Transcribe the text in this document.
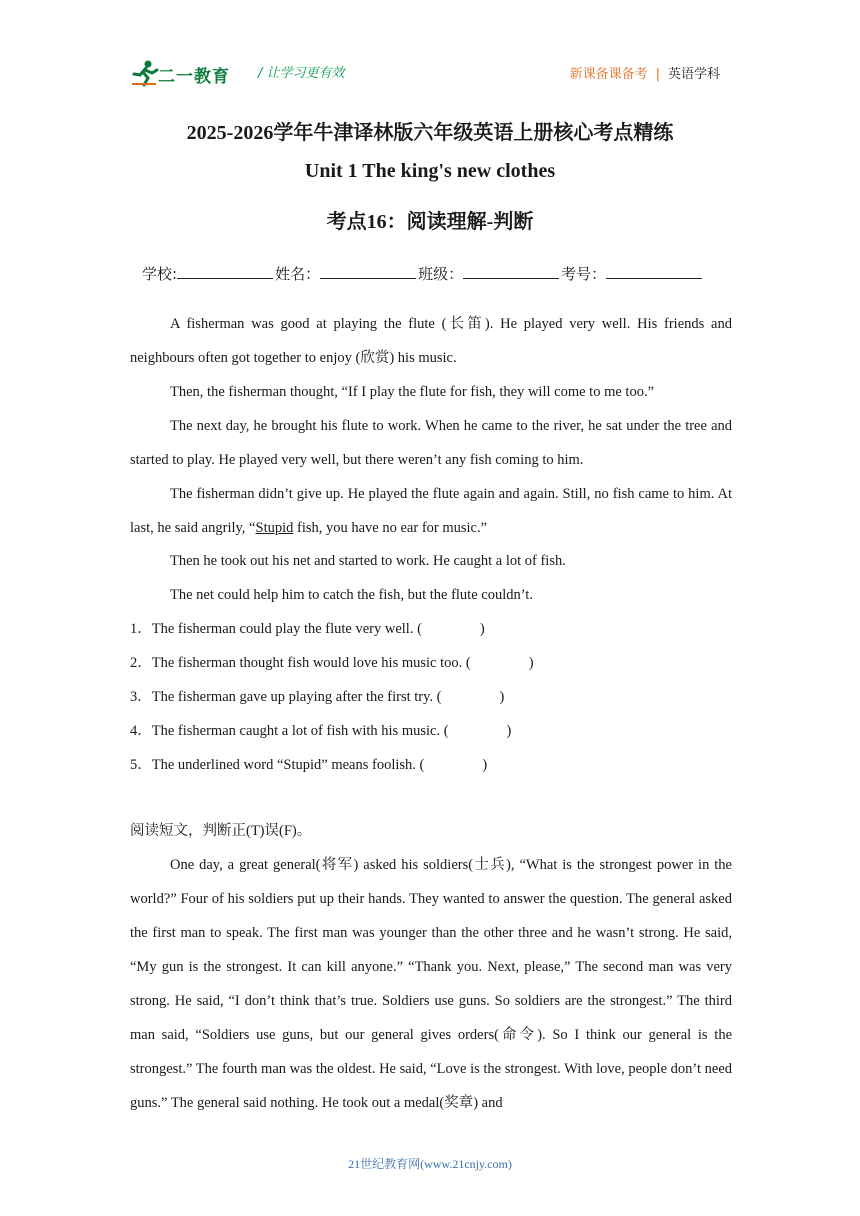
二一教育 / 让学习更有效	新课备课备考 | 英语学科
2025-2026学年牛津译林版六年级英语上册核心考点精练
Unit 1 The king's new clothes
考点16：阅读理解-判断
学校:	姓名：	班级：	考号：

A fisherman was good at playing the flute (长笛). He played very well. His friends and neighbours often got together to enjoy (欣赏) his music.

Then, the fisherman thought, “If I play the flute for fish, they will come to me too.”

The next day, he brought his flute to work. When he came to the river, he sat under the tree and started to play. He played very well, but there weren’t any fish coming to him.

The fisherman didn’t give up. He played the flute again and again. Still, no fish came to him. At last, he said angrily, “Stupid fish, you have no ear for music.”

Then he took out his net and started to work. He caught a lot of fish.

The net could help him to catch the fish, but the flute couldn’t.

1．The fisherman could play the flute very well. (	)
2．The fisherman thought fish would love his music too. (	)
3．The fisherman gave up playing after the first try. (	)
4．The fisherman caught a lot of fish with his music. (	)
5．The underlined word “Stupid” means foolish. (	)
阅读短文，判断正(T)误(F)。

One day, a great general(将军) asked his soldiers(士兵), “What is the strongest power in the world?” Four of his soldiers put up their hands. They wanted to answer the question. The general asked the first man to speak. The first man was younger than the other three and he wasn’t strong. He said, “My gun is the strongest. It can kill anyone.” “Thank you. Next, please,” The second man was very strong. He said, “I don’t think that’s true. Soldiers use guns. So soldiers are the strongest.” The third man said, “Soldiers use guns, but our general gives orders(命令). So I think our general is the strongest.” The fourth man was the oldest. He said, “Love is the strongest. With love, people don’t need guns.” The general said nothing. He took out a medal(奖章) and

21世纪教育网(www.21cnjy.com)
